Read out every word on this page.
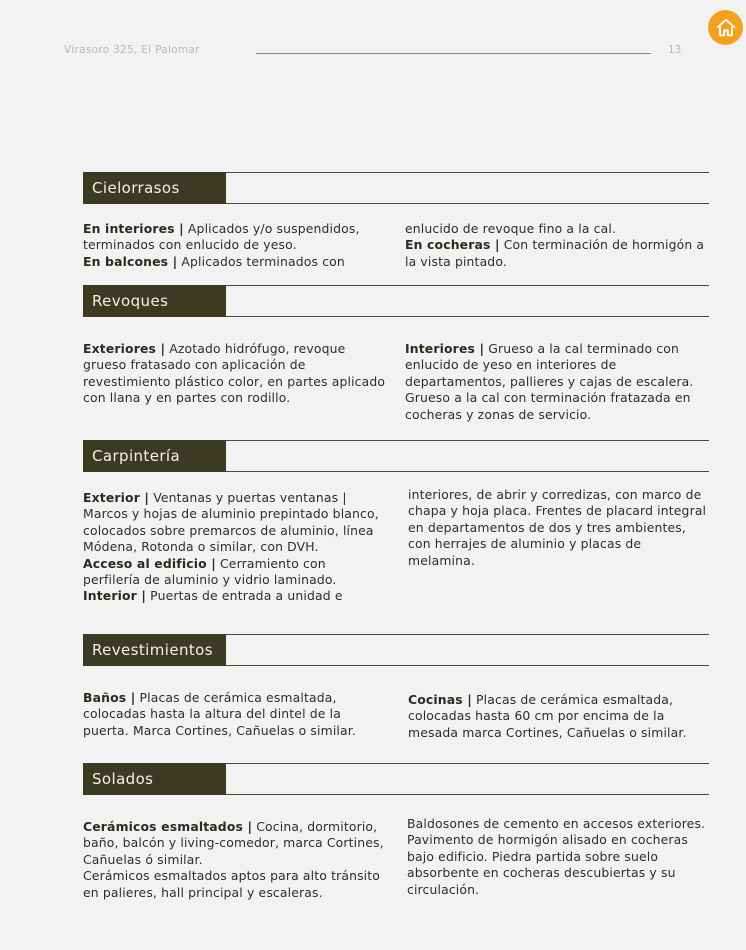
Virasoro 325, El Palomar	13
Cielorrasos

En interiores | Aplicados y/o suspendidos, terminados con enlucido de yeso.

En balcones | Aplicados terminados con

enlucido de revoque fino a la cal.

En cocheras | Con terminación de hormigón a la vista pintado.

Revoques

Exteriores | Azotado hidrófugo, revoque grueso fratasado con aplicación de revestimiento plástico color, en partes aplicado con llana y en partes con rodillo.

Interiores | Grueso a la cal terminado con enlucido de yeso en interiores de departamentos, pallieres y cajas de escalera.

Grueso a la cal con terminación fratazada en cocheras y zonas de servicio.

Carpintería

Exterior | Ventanas y puertas ventanas | Marcos y hojas de aluminio prepintado blanco, colocados sobre premarcos de aluminio, línea Módena, Rotonda o similar, con DVH.

Acceso al edificio | Cerramiento con perfilería de aluminio y vidrio laminado.

Interior | Puertas de entrada a unidad e

interiores, de abrir y corredizas, con marco de chapa y hoja placa. Frentes de placard integral en departamentos de dos y tres ambientes, con herrajes de aluminio y placas de melamina.

Revestimientos

Baños | Placas de cerámica esmaltada, colocadas hasta la altura del dintel de la puerta. Marca Cortines, Cañuelas o similar.

Cocinas | Placas de cerámica esmaltada, colocadas hasta 60 cm por encima de la mesada marca Cortines, Cañuelas o similar.

Solados

Cerámicos esmaltados | Cocina, dormitorio, baño, balcón y living-comedor, marca Cortines, Cañuelas ó similar.

Cerámicos esmaltados aptos para alto tránsito en palieres, hall principal y escaleras.

Baldosones de cemento en accesos exteriores. Pavimento de hormigón alisado en cocheras bajo edificio. Piedra partida sobre suelo absorbente en cocheras descubiertas y su circulación.
